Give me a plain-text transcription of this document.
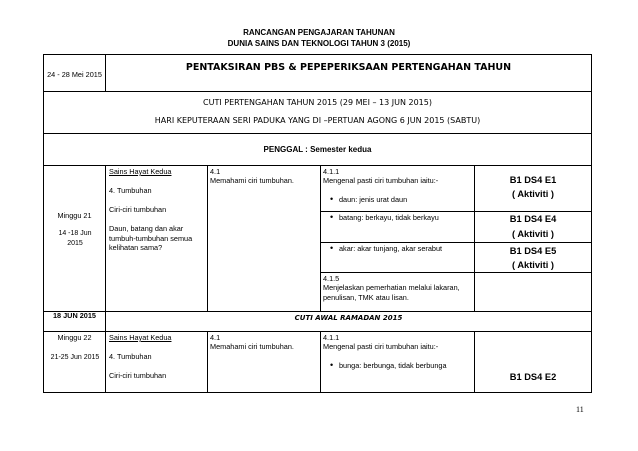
RANCANGAN PENGAJARAN TAHUNAN
DUNIA SAINS DAN TEKNOLOGI TAHUN 3 (2015)
24 - 28 Mei 2015
PENTAKSIRAN PBS & PEPEPERIKSAAN PERTENGAHAN TAHUN
CUTI PERTENGAHAN TAHUN 2015 (29 MEI – 13 JUN 2015)
HARI KEPUTERAAN SERI PADUKA YANG DI –PERTUAN AGONG 6 JUN 2015 (SABTU)
PENGGAL : Semester kedua
Minggu 21
14 -18 Jun 2015
Sains Hayat Kedua
4. Tumbuhan
Ciri-ciri tumbuhan
Daun, batang dan akar tumbuh-tumbuhan semua kelihatan sama?
4.1
Memahami ciri tumbuhan.
4.1.1
Mengenal pasti ciri tumbuhan iaitu:-
• daun: jenis urat daun
• batang: berkayu, tidak berkayu
• akar: akar tunjang, akar serabut
4.1.5
Menjelaskan pemerhatian melalui lakaran, penulisan, TMK atau lisan.
B1 DS4 E1
( Aktiviti )
B1 DS4 E4
( Aktiviti )
B1 DS4 E5
( Aktiviti )
18 JUN 2015	CUTI AWAL RAMADAN 2015
Minggu 22
21-25 Jun 2015
Sains Hayat Kedua
4. Tumbuhan
Ciri-ciri tumbuhan
4.1
Memahami ciri tumbuhan.
4.1.1
Mengenal pasti ciri tumbuhan iaitu:-
• bunga: berbunga, tidak berbunga
B1 DS4 E2
11
